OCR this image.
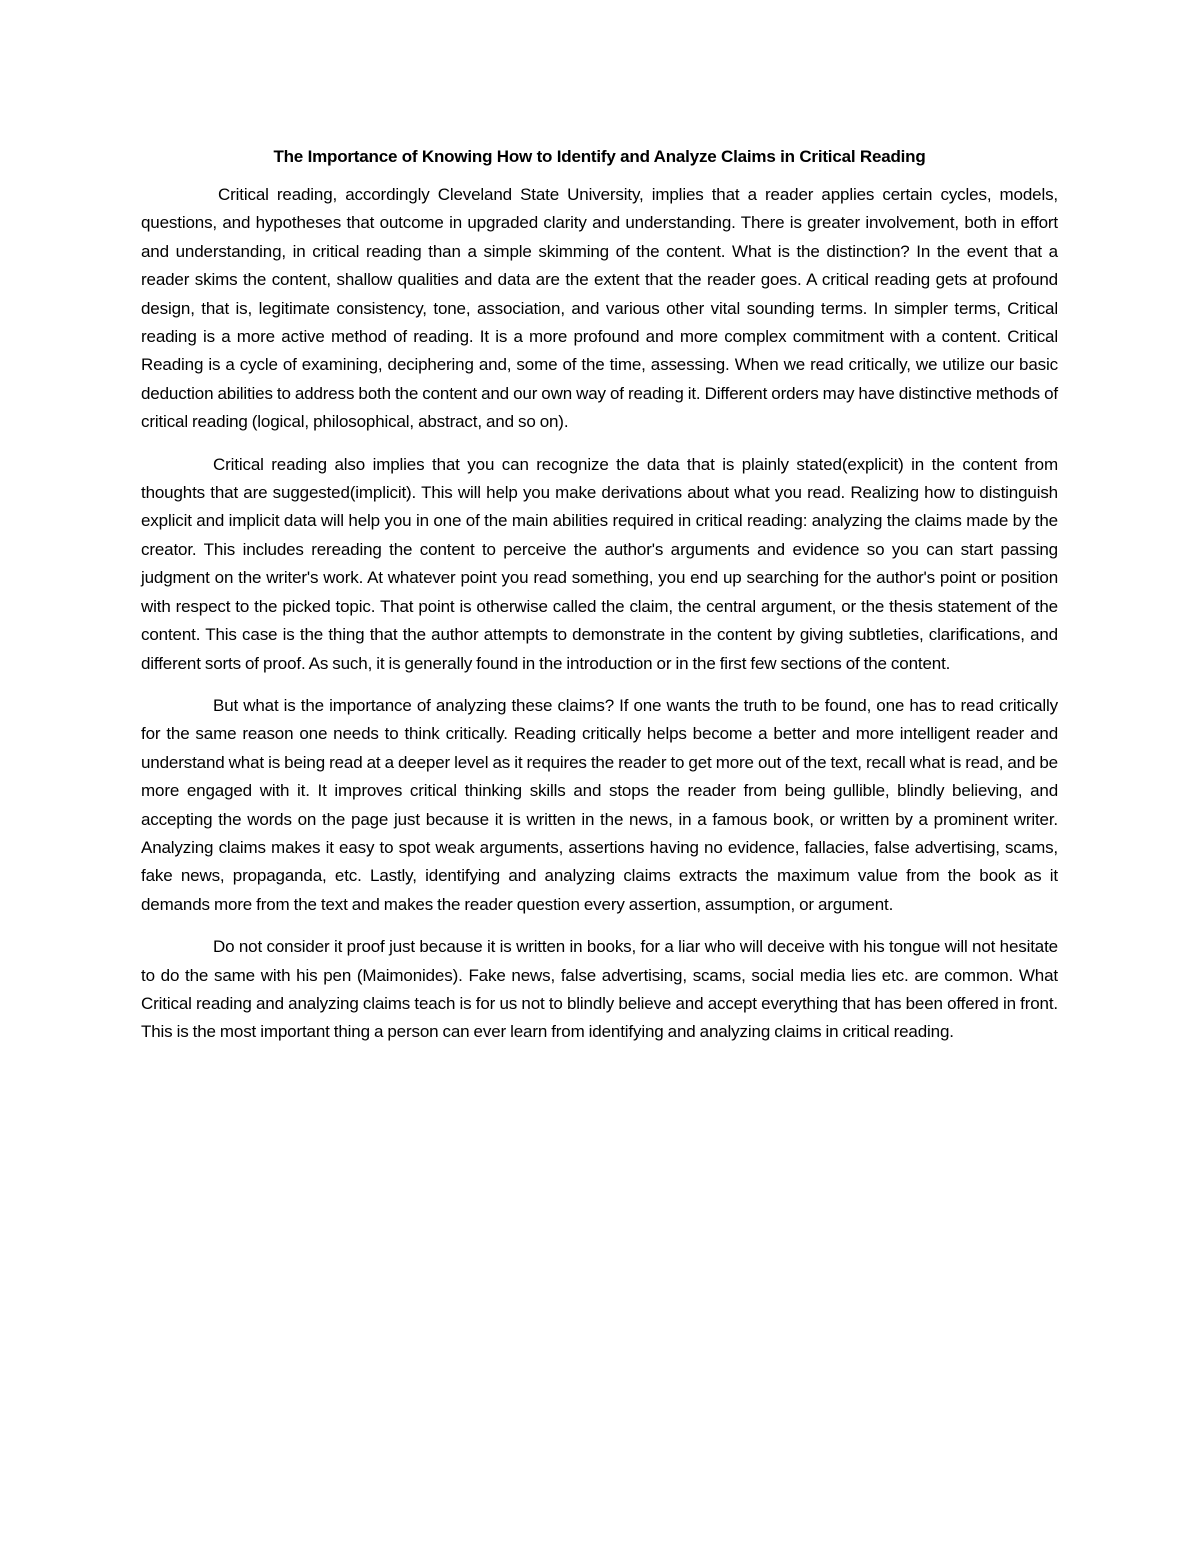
The Importance of Knowing How to Identify and Analyze Claims in Critical Reading

Critical reading, accordingly Cleveland State University, implies that a reader applies certain cycles, models, questions, and hypotheses that outcome in upgraded clarity and understanding. There is greater involvement, both in effort and understanding, in critical reading than a simple skimming of the content. What is the distinction? In the event that a reader skims the content, shallow qualities and data are the extent that the reader goes. A critical reading gets at profound design, that is, legitimate consistency, tone, association, and various other vital sounding terms. In simpler terms, Critical reading is a more active method of reading. It is a more profound and more complex commitment with a content. Critical Reading is a cycle of examining, deciphering and, some of the time, assessing. When we read critically, we utilize our basic deduction abilities to address both the content and our own way of reading it. Different orders may have distinctive methods of critical reading (logical, philosophical, abstract, and so on).

Critical reading also implies that you can recognize the data that is plainly stated(explicit) in the content from thoughts that are suggested(implicit). This will help you make derivations about what you read. Realizing how to distinguish explicit and implicit data will help you in one of the main abilities required in critical reading: analyzing the claims made by the creator. This includes rereading the content to perceive the author's arguments and evidence so you can start passing judgment on the writer's work. At whatever point you read something, you end up searching for the author's point or position with respect to the picked topic. That point is otherwise called the claim, the central argument, or the thesis statement of the content. This case is the thing that the author attempts to demonstrate in the content by giving subtleties, clarifications, and different sorts of proof. As such, it is generally found in the introduction or in the first few sections of the content.

But what is the importance of analyzing these claims? If one wants the truth to be found, one has to read critically for the same reason one needs to think critically. Reading critically helps become a better and more intelligent reader and understand what is being read at a deeper level as it requires the reader to get more out of the text, recall what is read, and be more engaged with it. It improves critical thinking skills and stops the reader from being gullible, blindly believing, and accepting the words on the page just because it is written in the news, in a famous book, or written by a prominent writer. Analyzing claims makes it easy to spot weak arguments, assertions having no evidence, fallacies, false advertising, scams, fake news, propaganda, etc. Lastly, identifying and analyzing claims extracts the maximum value from the book as it demands more from the text and makes the reader question every assertion, assumption, or argument.

Do not consider it proof just because it is written in books, for a liar who will deceive with his tongue will not hesitate to do the same with his pen (Maimonides). Fake news, false advertising, scams, social media lies etc. are common. What Critical reading and analyzing claims teach is for us not to blindly believe and accept everything that has been offered in front. This is the most important thing a person can ever learn from identifying and analyzing claims in critical reading.
